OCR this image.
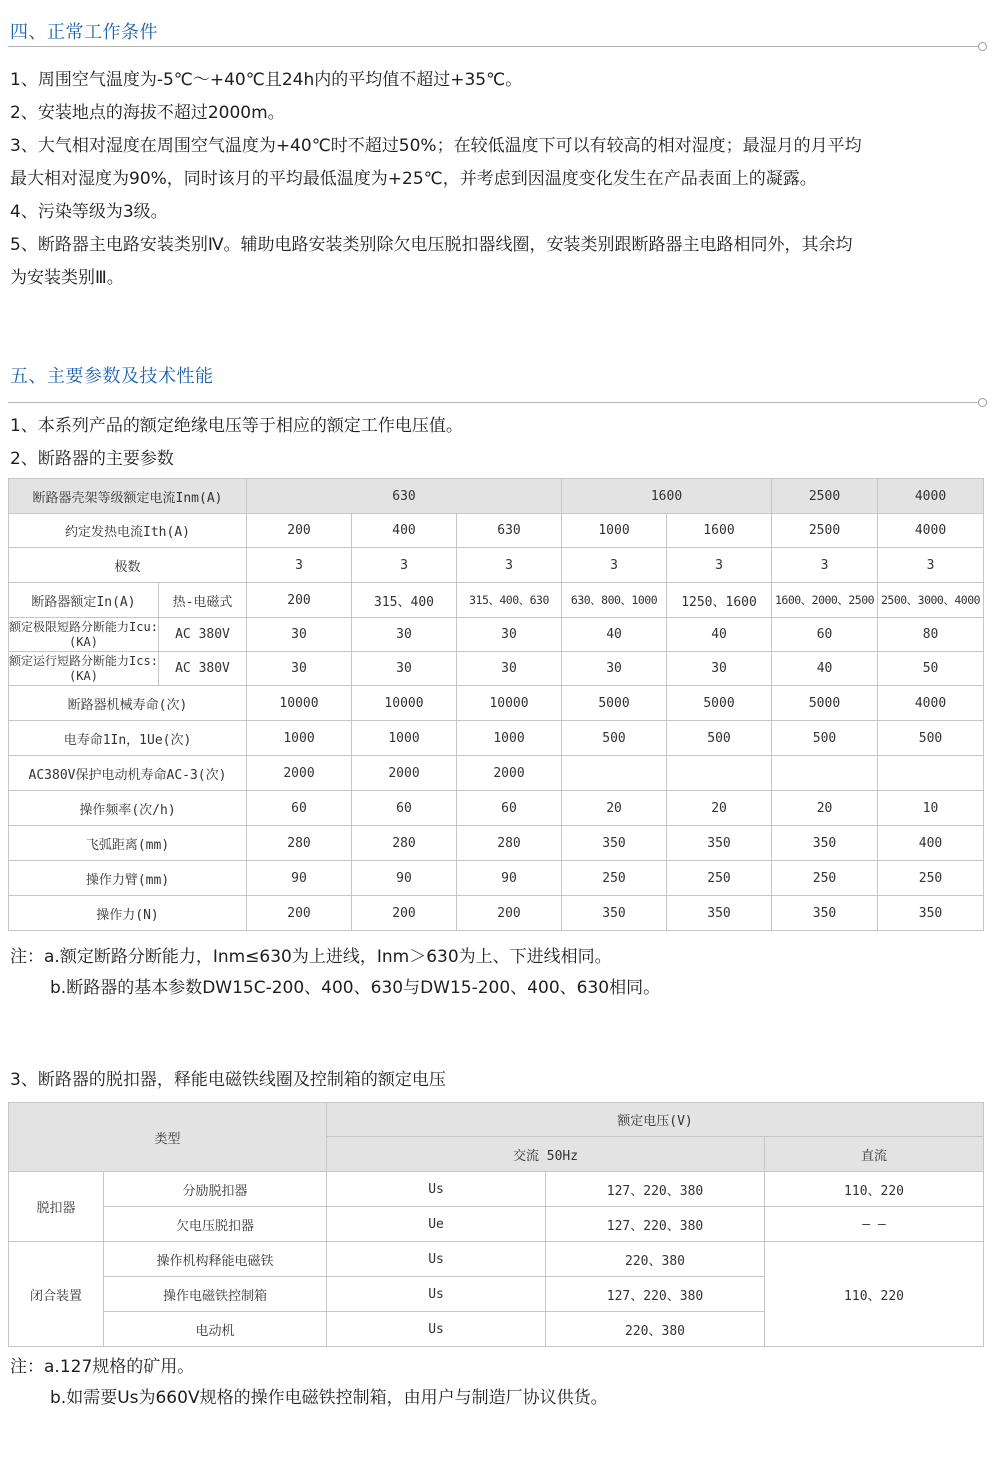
四、正常工作条件
1、周围空气温度为-5℃～+40℃且24h内的平均值不超过+35℃。
2、安装地点的海拔不超过2000m。
3、大气相对湿度在周围空气温度为+40℃时不超过50%；在较低温度下可以有较高的相对湿度；最湿月的月平均
最大相对湿度为90%，同时该月的平均最低温度为+25℃，并考虑到因温度变化发生在产品表面上的凝露。
4、污染等级为3级。
5、断路器主电路安装类别Ⅳ。辅助电路安装类别除欠电压脱扣器线圈，安装类别跟断路器主电路相同外，其余均
为安装类别Ⅲ。
五、主要参数及技术性能
1、本系列产品的额定绝缘电压等于相应的额定工作电压值。
2、断路器的主要参数
断路器壳架等级额定电流Inm(A)		630			1600		2500	4000
约定发热电流Ith(A)		200	400	630	1000	1600	2500	4000
极数		3	3	3	3	3	3	3
断路器额定In(A)	热-电磁式	200	315、400	315、400、630	630、800、1000	1250、1600	1600、2000、2500	2500、3000、4000
额定极限短路分断能力Icu:(KA)	AC 380V	30	30	30	40	40	60	80
额定运行短路分断能力Ics:(KA)	AC 380V	30	30	30	30	30	40	50
断路器机械寿命(次)		10000	10000	10000	5000	5000	5000	4000
电寿命1In，1Ue(次)		1000	1000	1000	500	500	500	500
AC380V保护电动机寿命AC-3(次)		2000	2000	2000				
操作频率(次/h)		60	60	60	20	20	20	10
飞弧距离(mm)		280	280	280	350	350	350	400
操作力臂(mm)		90	90	90	250	250	250	250
操作力(N)		200	200	200	350	350	350	350
注：a.额定断路分断能力，Inm≤630为上进线，Inm＞630为上、下进线相同。
b.断路器的基本参数DW15C-200、400、630与DW15-200、400、630相同。
3、断路器的脱扣器，释能电磁铁线圈及控制箱的额定电压
类型		额定电压(V)		
		交流 50Hz		直流
脱扣器	分励脱扣器	Us	127、220、380	110、220
	欠电压脱扣器	Ue	127、220、380	— —
闭合装置	操作机构释能电磁铁	Us	220、380	110、220
	操作电磁铁控制箱	Us	127、220、380	
	电动机	Us	220、380	
注：a.127规格的矿用。
b.如需要Us为660V规格的操作电磁铁控制箱，由用户与制造厂协议供货。
